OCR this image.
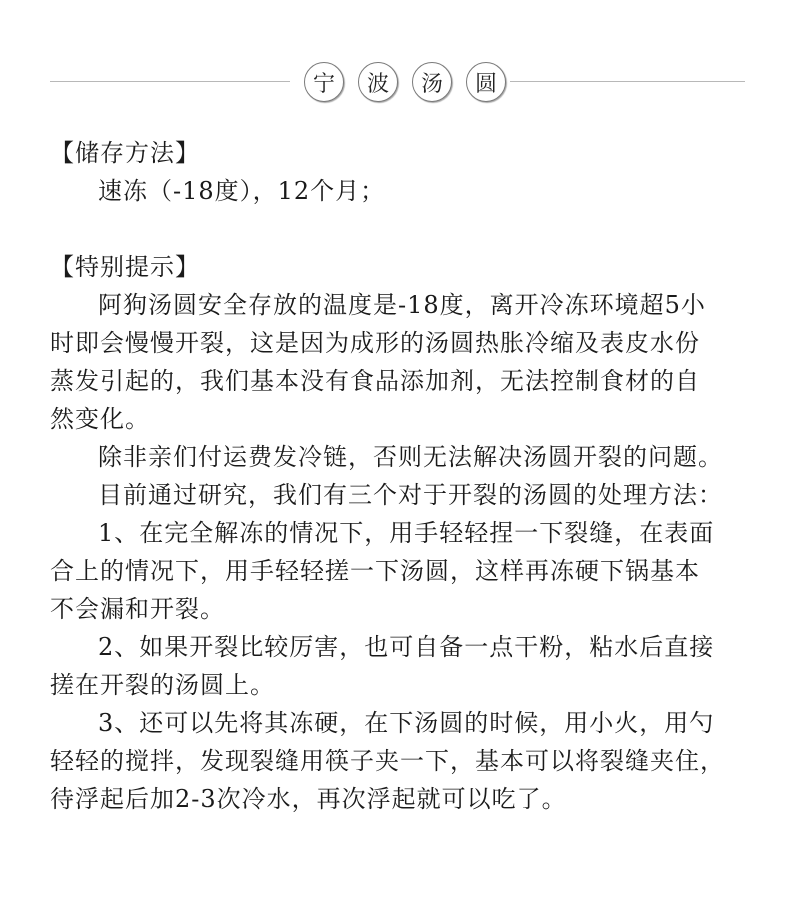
宁	波	汤	圆
【储存方法】
速冻（-18度），12个月；
【特别提示】
阿狗汤圆安全存放的温度是-18度，离开冷冻环境超5小
时即会慢慢开裂，这是因为成形的汤圆热胀冷缩及表皮水份
蒸发引起的，我们基本没有食品添加剂，无法控制食材的自
然变化。
除非亲们付运费发冷链，否则无法解决汤圆开裂的问题。
目前通过研究，我们有三个对于开裂的汤圆的处理方法：
1、在完全解冻的情况下，用手轻轻捏一下裂缝，在表面
合上的情况下，用手轻轻搓一下汤圆，这样再冻硬下锅基本
不会漏和开裂。
2、如果开裂比较厉害，也可自备一点干粉，粘水后直接
搓在开裂的汤圆上。
3、还可以先将其冻硬，在下汤圆的时候，用小火，用勺
轻轻的搅拌，发现裂缝用筷子夹一下，基本可以将裂缝夹住，
待浮起后加2-3次冷水，再次浮起就可以吃了。
